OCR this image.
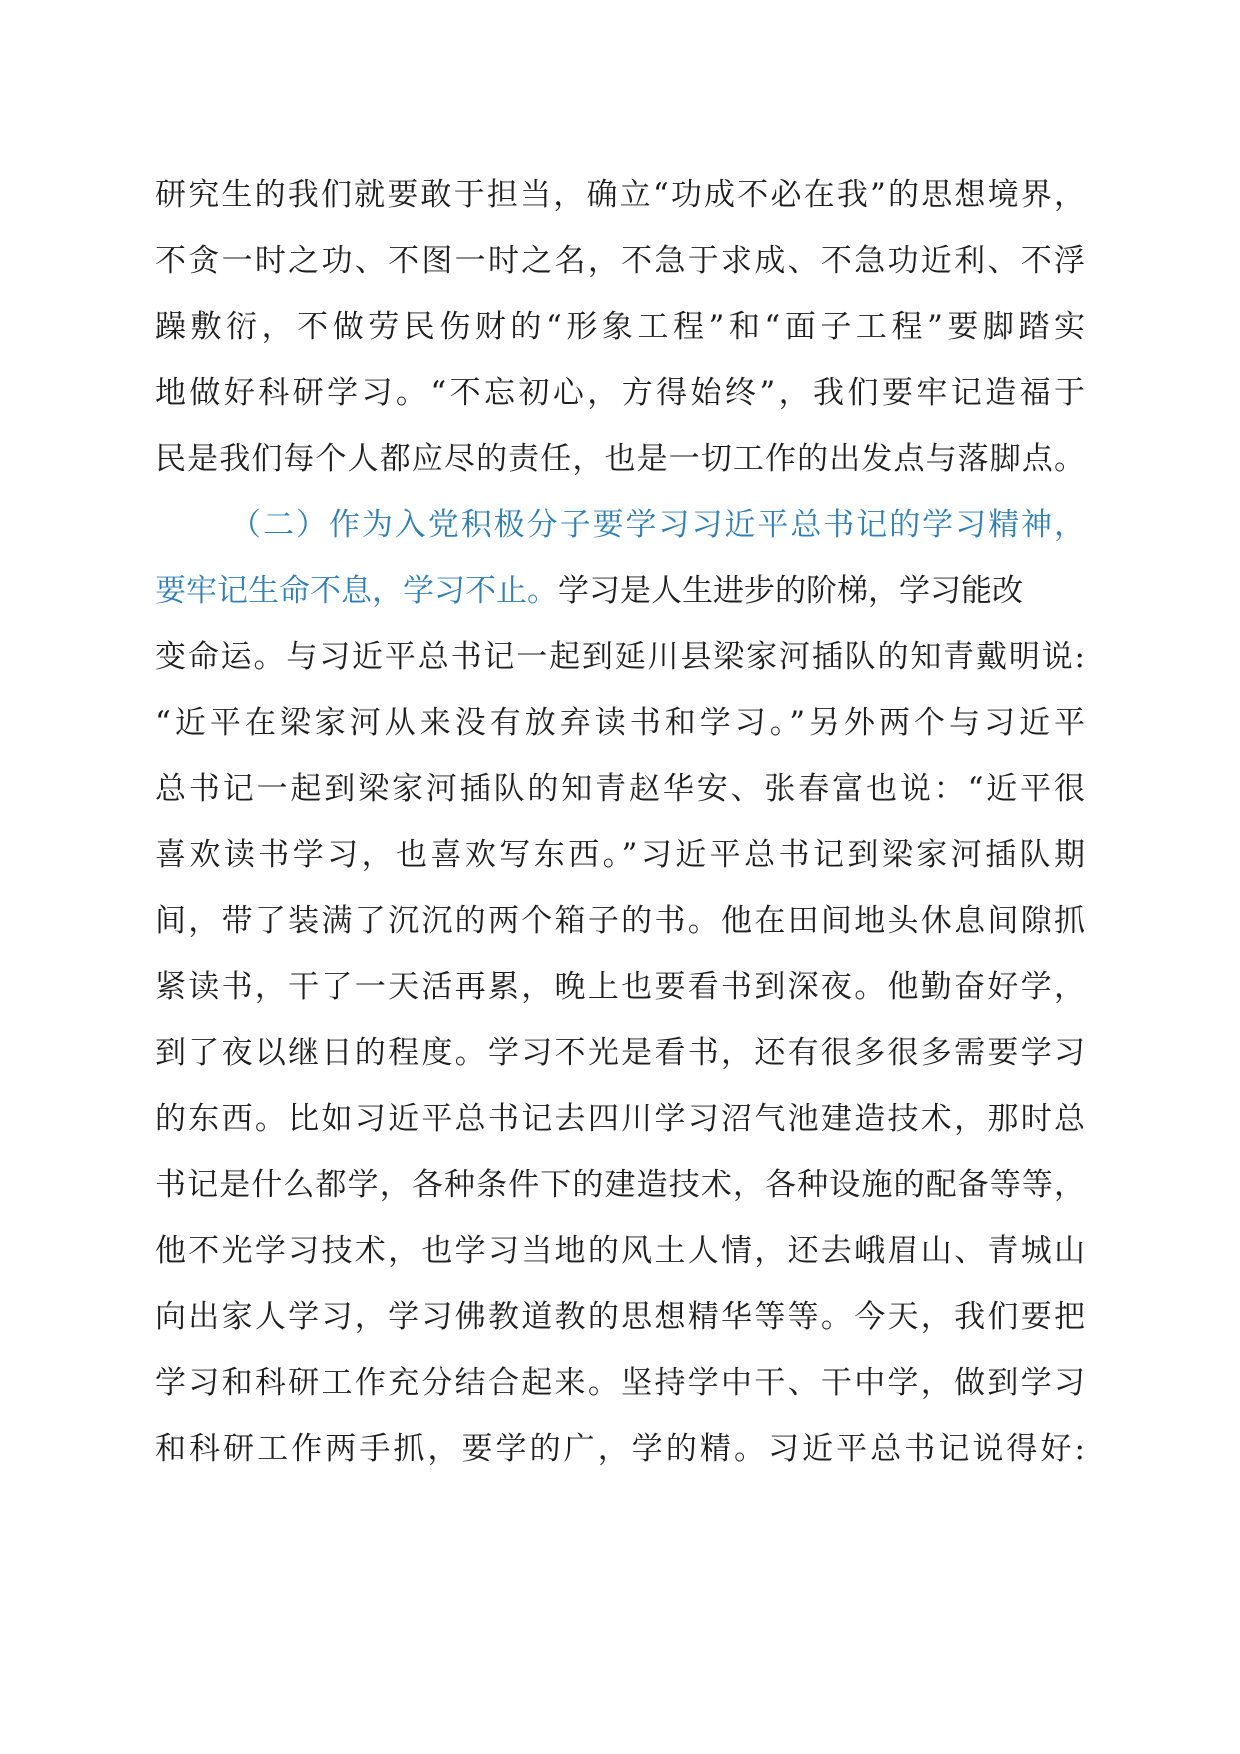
研究生的我们就要敢于担当，确立“功成不必在我”的思想境界，
不贪一时之功、不图一时之名，不急于求成、不急功近利、不浮
躁敷衍，不做劳民伤财的“形象工程”和“面子工程”要脚踏实
地做好科研学习。“不忘初心，方得始终”，我们要牢记造福于
民是我们每个人都应尽的责任，也是一切工作的出发点与落脚点。
（二）作为入党积极分子要学习习近平总书记的学习精神，
要牢记生命不息，学习不止。学习是人生进步的阶梯，学习能改
变命运。与习近平总书记一起到延川县梁家河插队的知青戴明说:
“近平在梁家河从来没有放弃读书和学习。”另外两个与习近平
总书记一起到梁家河插队的知青赵华安、张春富也说：“近平很
喜欢读书学习，也喜欢写东西。”习近平总书记到梁家河插队期
间，带了装满了沉沉的两个箱子的书。他在田间地头休息间隙抓
紧读书，干了一天活再累，晚上也要看书到深夜。他勤奋好学，
到了夜以继日的程度。学习不光是看书，还有很多很多需要学习
的东西。比如习近平总书记去四川学习沼气池建造技术，那时总
书记是什么都学，各种条件下的建造技术，各种设施的配备等等，
他不光学习技术，也学习当地的风土人情，还去峨眉山、青城山
向出家人学习，学习佛教道教的思想精华等等。今天，我们要把
学习和科研工作充分结合起来。坚持学中干、干中学，做到学习
和科研工作两手抓，要学的广，学的精。习近平总书记说得好:
